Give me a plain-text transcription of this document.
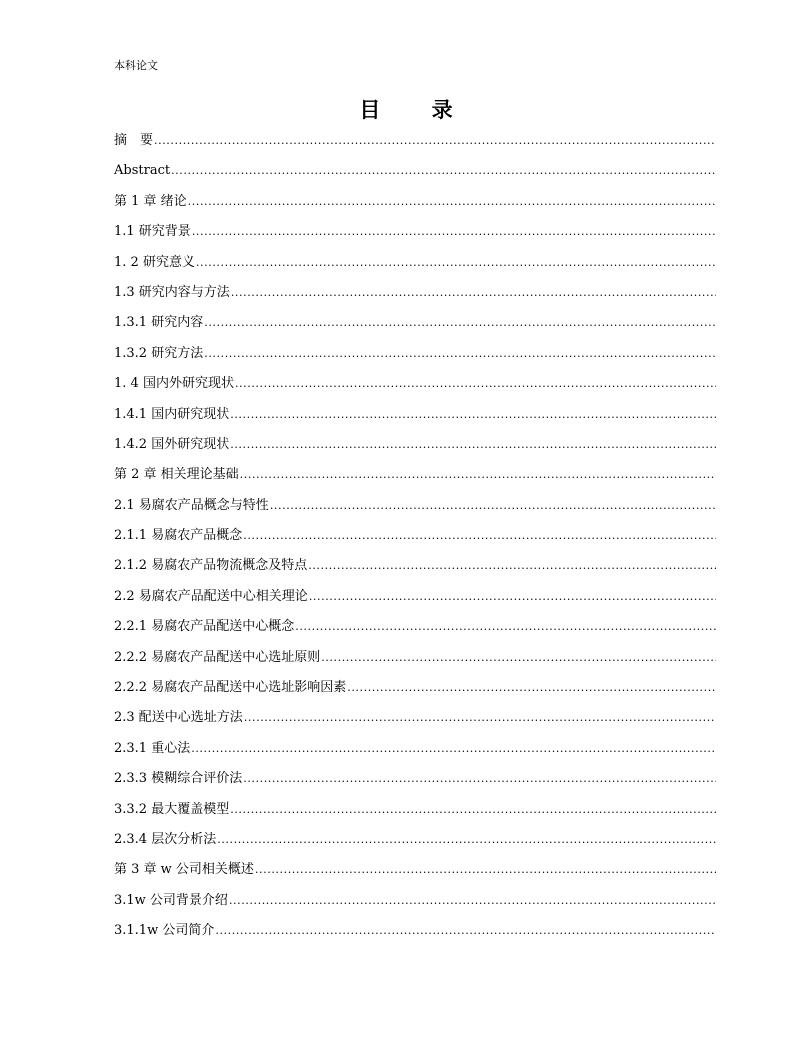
本科论文
目 录
摘　要
.....
Abstract
.....
第 1 章 绪论
.....
1.1 研究背景
.....
1. 2 研究意义
.....
1.3 研究内容与方法
.....
1.3.1 研究内容
.....
1.3.2 研究方法
.....
1. 4 国内外研究现状
.....
1.4.1 国内研究现状
.....
1.4.2 国外研究现状
.....
第 2 章 相关理论基础
.....
2.1 易腐农产品概念与特性
.....
2.1.1 易腐农产品概念
.....
2.1.2 易腐农产品物流概念及特点
.....
2.2 易腐农产品配送中心相关理论
.....
2.2.1 易腐农产品配送中心概念
.....
2.2.2 易腐农产品配送中心选址原则
.....
2.2.2 易腐农产品配送中心选址影响因素
.....
2.3 配送中心选址方法
.....
2.3.1 重心法
.....
2.3.3 模糊综合评价法
.....
3.3.2 最大覆盖模型
.....
2.3.4 层次分析法
.....
第 3 章 w 公司相关概述
.....
3.1w 公司背景介绍
.....
3.1.1w 公司简介
.....
